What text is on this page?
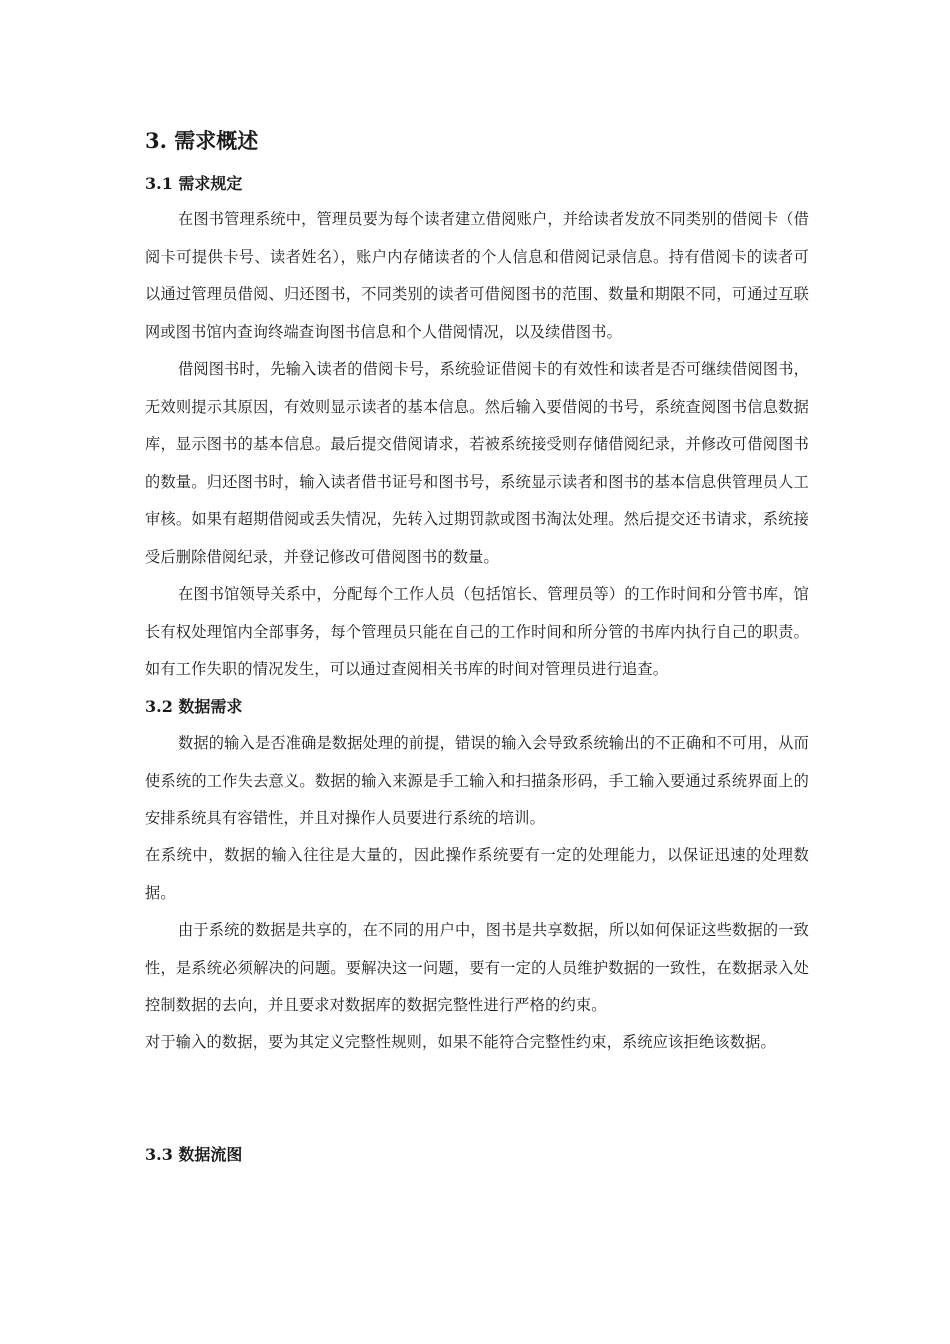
3. 需求概述
3.1 需求规定

在图书管理系统中，管理员要为每个读者建立借阅账户，并给读者发放不同类别的借阅卡（借阅卡可提供卡号、读者姓名），账户内存储读者的个人信息和借阅记录信息。持有借阅卡的读者可以通过管理员借阅、归还图书，不同类别的读者可借阅图书的范围、数量和期限不同，可通过互联网或图书馆内查询终端查询图书信息和个人借阅情况，以及续借图书。

借阅图书时，先输入读者的借阅卡号，系统验证借阅卡的有效性和读者是否可继续借阅图书，无效则提示其原因，有效则显示读者的基本信息。然后输入要借阅的书号，系统查阅图书信息数据库，显示图书的基本信息。最后提交借阅请求，若被系统接受则存储借阅纪录，并修改可借阅图书的数量。归还图书时，输入读者借书证号和图书号，系统显示读者和图书的基本信息供管理员人工审核。如果有超期借阅或丢失情况，先转入过期罚款或图书淘汰处理。然后提交还书请求，系统接受后删除借阅纪录，并登记修改可借阅图书的数量。

在图书馆领导关系中，分配每个工作人员（包括馆长、管理员等）的工作时间和分管书库，馆长有权处理馆内全部事务，每个管理员只能在自己的工作时间和所分管的书库内执行自己的职责。如有工作失职的情况发生，可以通过查阅相关书库的时间对管理员进行追查。

3.2 数据需求

数据的输入是否准确是数据处理的前提，错误的输入会导致系统输出的不正确和不可用，从而使系统的工作失去意义。数据的输入来源是手工输入和扫描条形码，手工输入要通过系统界面上的安排系统具有容错性，并且对操作人员要进行系统的培训。

在系统中，数据的输入往往是大量的，因此操作系统要有一定的处理能力，以保证迅速的处理数据。

由于系统的数据是共享的，在不同的用户中，图书是共享数据，所以如何保证这些数据的一致性，是系统必须解决的问题。要解决这一问题，要有一定的人员维护数据的一致性，在数据录入处控制数据的去向，并且要求对数据库的数据完整性进行严格的约束。

对于输入的数据，要为其定义完整性规则，如果不能符合完整性约束，系统应该拒绝该数据。

3.3 数据流图
